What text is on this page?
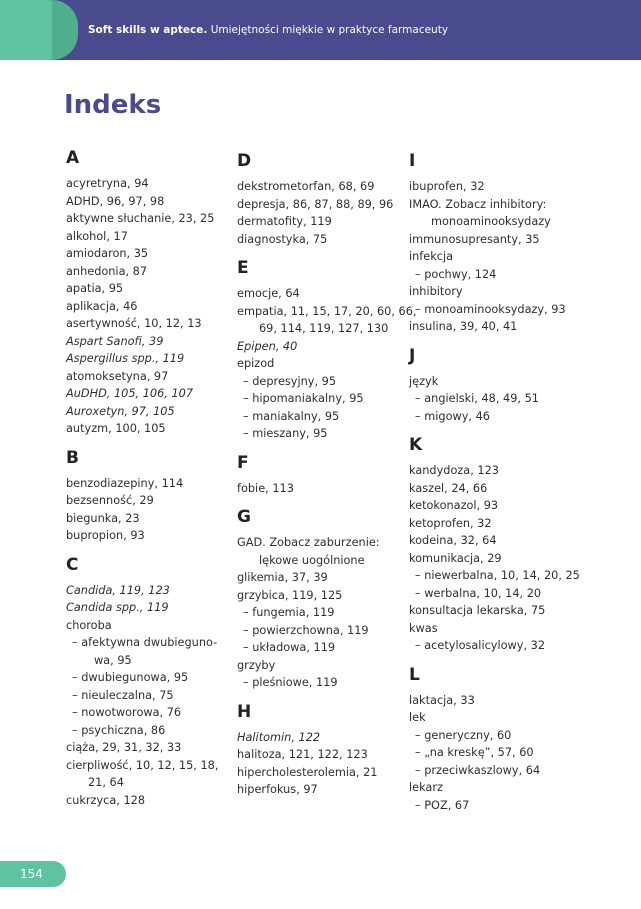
Soft skills w aptece. Umiejętności miękkie w praktyce farmaceuty
Indeks
A
acyretryna, 94
ADHD, 96, 97, 98
aktywne słuchanie, 23, 25
alkohol, 17
amiodaron, 35
anhedonia, 87
apatia, 95
aplikacja, 46
asertywność, 10, 12, 13
Aspart Sanofi, 39
Aspergillus spp., 119
atomoksetyna, 97
AuDHD, 105, 106, 107
Auroxetyn, 97, 105
autyzm, 100, 105
B
benzodiazepiny, 114
bezsenność, 29
biegunka, 23
bupropion, 93
C
Candida, 119, 123
Candida spp., 119
choroba
– afektywna dwubieguno-
wa, 95
– dwubiegunowa, 95
– nieuleczalna, 75
– nowotworowa, 76
– psychiczna, 86
ciąża, 29, 31, 32, 33
cierpliwość, 10, 12, 15, 18,
21, 64
cukrzyca, 128
D
dekstrometorfan, 68, 69
depresja, 86, 87, 88, 89, 96
dermatofity, 119
diagnostyka, 75
E
emocje, 64
empatia, 11, 15, 17, 20, 60, 66,
69, 114, 119, 127, 130
Epipen, 40
epizod
– depresyjny, 95
– hipomaniakalny, 95
– maniakalny, 95
– mieszany, 95
F
fobie, 113
G
GAD. Zobacz zaburzenie:
lękowe uogólnione
glikemia, 37, 39
grzybica, 119, 125
– fungemia, 119
– powierzchowna, 119
– układowa, 119
grzyby
– pleśniowe, 119
H
Halitomin, 122
halitoza, 121, 122, 123
hipercholesterolemia, 21
hiperfokus, 97
I
ibuprofen, 32
IMAO. Zobacz inhibitory:
monoaminooksydazy
immunosupresanty, 35
infekcja
– pochwy, 124
inhibitory
– monoaminooksydazy, 93
insulina, 39, 40, 41
J
język
– angielski, 48, 49, 51
– migowy, 46
K
kandydoza, 123
kaszel, 24, 66
ketokonazol, 93
ketoprofen, 32
kodeina, 32, 64
komunikacja, 29
– niewerbalna, 10, 14, 20, 25
– werbalna, 10, 14, 20
konsultacja lekarska, 75
kwas
– acetylosalicylowy, 32
L
laktacja, 33
lek
– generyczny, 60
– „na kreskę”, 57, 60
– przeciwkaszlowy, 64
lekarz
– POZ, 67
154
